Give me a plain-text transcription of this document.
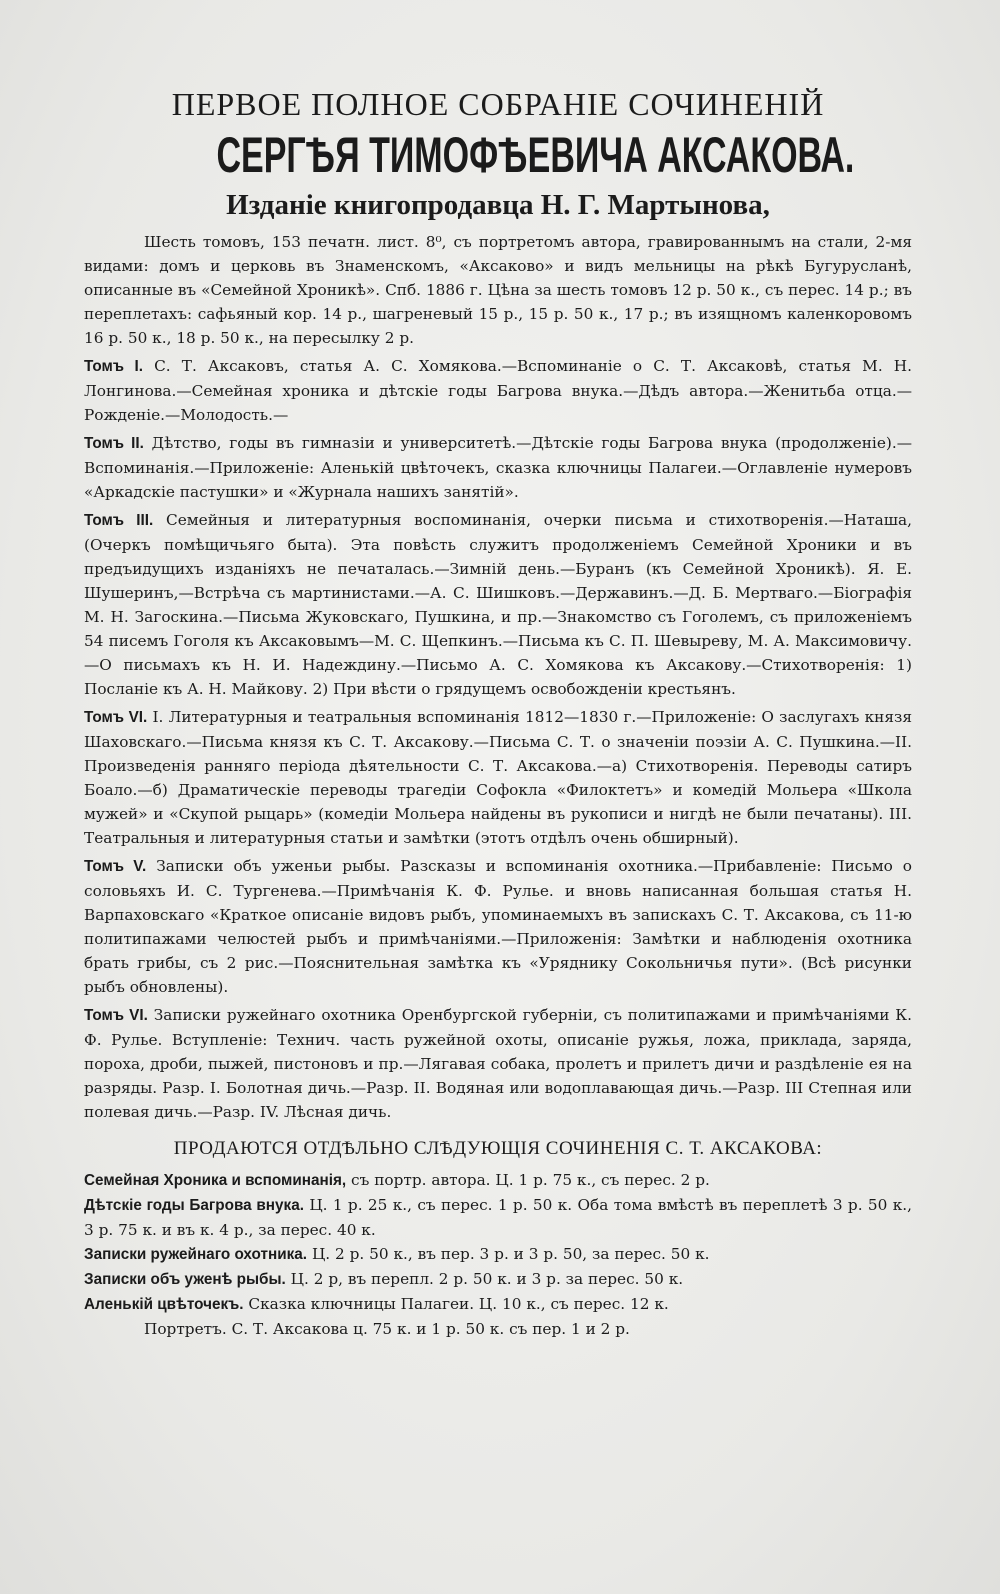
ПЕРВОЕ ПОЛНОЕ СОБРАНІЕ СОЧИНЕНІЙ

СЕРГѢЯ ТИМОФѢЕВИЧА АКСАКОВА.

Изданіе книгопродавца Н. Г. Мартынова,

Шесть томовъ, 153 печатн. лист. 8⁰, съ портретомъ автора, гравированнымъ на стали, 2-мя видами: домъ и церковь въ Знаменскомъ, «Аксаково» и видъ мельницы на рѣкѣ Бугурусланѣ, описанные въ «Семейной Хроникѣ». Спб. 1886 г. Цѣна за шесть томовъ 12 р. 50 к., съ перес. 14 р.; въ переплетахъ: сафьяный кор. 14 р., шагреневый 15 р., 15 р. 50 к., 17 р.; въ изящномъ каленкоровомъ 16 р. 50 к., 18 р. 50 к., на пересылку 2 р.

Томъ I. С. Т. Аксаковъ, статья А. С. Хомякова.—Вспоминаніе о С. Т. Аксаковѣ, статья М. Н. Лонгинова.—Семейная хроника и дѣтскіе годы Багрова внука.—Дѣдъ автора.—Женитьба отца.—Рожденіе.—Молодость.—

Томъ II. Дѣтство, годы въ гимназіи и университетѣ.—Дѣтскіе годы Багрова внука (продолженіе).—Вспоминанія.—Приложеніе: Аленькій цвѣточекъ, сказка ключницы Палагеи.—Оглавленіе нумеровъ «Аркадскіе пастушки» и «Журнала нашихъ занятій».

Томъ III. Семейныя и литературныя воспоминанія, очерки письма и стихотворенія.—Наташа, (Очеркъ помѣщичьяго быта). Эта повѣсть служитъ продолженіемъ Семейной Хроники и въ предъидущихъ изданіяхъ не печаталась.—Зимній день.—Буранъ (къ Семейной Хроникѣ). Я. Е. Шушеринъ,—Встрѣча съ мартинистами.—А. С. Шишковъ.—Державинъ.—Д. Б. Мертваго.—Біографія М. Н. Загоскина.—Письма Жуковскаго, Пушкина, и пр.—Знакомство съ Гоголемъ, съ приложеніемъ 54 писемъ Гоголя къ Аксаковымъ—М. С. Щепкинъ.—Письма къ С. П. Шевыреву, М. А. Максимовичу.—О письмахъ къ Н. И. Надеждину.—Письмо А. С. Хомякова къ Аксакову.—Стихотворенія: 1) Посланіе къ А. Н. Майкову. 2) При вѣсти о грядущемъ освобожденіи крестьянъ.

Томъ VI. I. Литературныя и театральныя вспоминанія 1812—1830 г.—Приложеніе: О заслугахъ князя Шаховскаго.—Письма князя къ С. Т. Аксакову.—Письма С. Т. о значеніи поэзіи А. С. Пушкина.—II. Произведенія ранняго періода дѣятельности С. Т. Аксакова.—а) Стихотворенія. Переводы сатиръ Боало.—б) Драматическіе переводы трагедіи Софокла «Филоктетъ» и комедій Мольера «Школа мужей» и «Скупой рыцарь» (комедіи Мольера найдены въ рукописи и нигдѣ не были печатаны). III. Театральныя и литературныя статьи и замѣтки (этотъ отдѣлъ очень обширный).

Томъ V. Записки объ уженьи рыбы. Разсказы и вспоминанія охотника.—Прибавленіе: Письмо о соловьяхъ И. С. Тургенева.—Примѣчанія К. Ф. Рульe. и вновь написанная большая статья Н. Варпаховскаго «Краткое описаніе видовъ рыбъ, упоминаемыхъ въ запискахъ С. Т. Аксакова, съ 11-ю политипажами челюстей рыбъ и примѣчаніями.—Приложенія: Замѣтки и наблюденія охотника брать грибы, съ 2 рис.—Пояснительная замѣтка къ «Уряднику Сокольничья пути». (Всѣ рисунки рыбъ обновлены).

Томъ VI. Записки ружейнаго охотника Оренбургской губерніи, съ политипажами и примѣчаніями К. Ф. Рульe. Вступленіе: Технич. часть ружейной охоты, описаніе ружья, ложа, приклада, заряда, пороха, дроби, пыжей, пистоновъ и пр.—Лягавая собака, пролетъ и прилетъ дичи и раздѣленіе ея на разряды. Разр. I. Болотная дичь.—Разр. II. Водяная или водоплавающая дичь.—Разр. III Степная или полевая дичь.—Разр. IV. Лѣсная дичь.

ПРОДАЮТСЯ ОТДѢЛЬНО СЛѢДУЮЩІЯ СОЧИНЕНІЯ С. Т. АКСАКОВА:

Семейная Хроника и вспоминанія, съ портр. автора. Ц. 1 р. 75 к., съ перес. 2 р.

Дѣтскіе годы Багрова внука. Ц. 1 р. 25 к., съ перес. 1 р. 50 к. Оба тома вмѣстѣ въ переплетѣ 3 р. 50 к., 3 р. 75 к. и въ к. 4 р., за перес. 40 к.

Записки ружейнаго охотника. Ц. 2 р. 50 к., въ пер. 3 р. и 3 р. 50, за перес. 50 к.

Записки объ уженѣ рыбы. Ц. 2 р, въ перепл. 2 р. 50 к. и 3 р. за перес. 50 к.

Аленькій цвѣточекъ. Сказка ключницы Палагеи. Ц. 10 к., съ перес. 12 к.

Портретъ. С. Т. Аксакова ц. 75 к. и 1 р. 50 к. съ пер. 1 и 2 р.
